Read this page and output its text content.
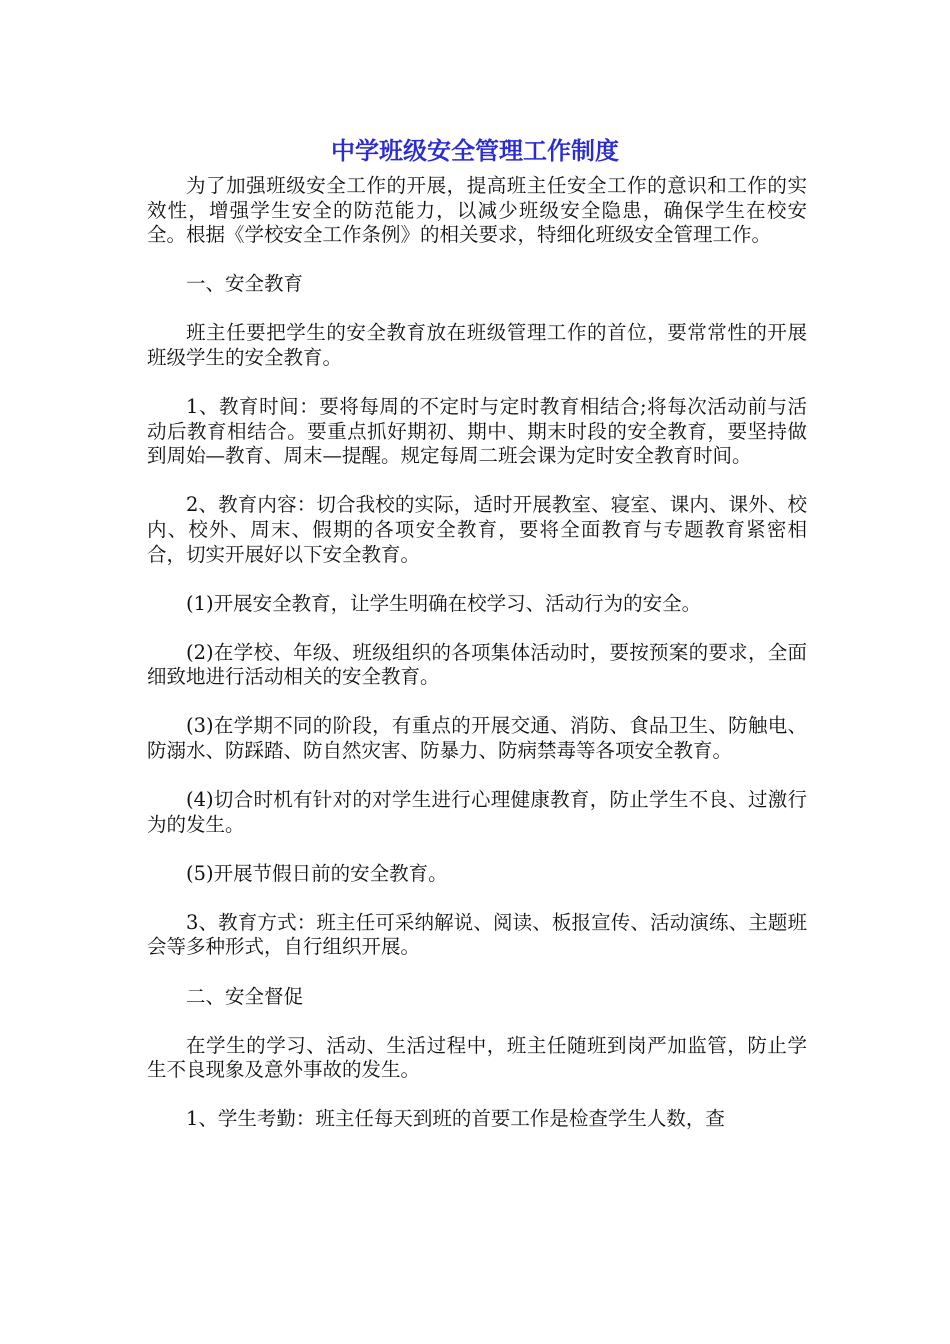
中学班级安全管理工作制度

为了加强班级安全工作的开展，提高班主任安全工作的意识和工作的实效性，增强学生安全的防范能力，以减少班级安全隐患，确保学生在校安全。根据《学校安全工作条例》的相关要求，特细化班级安全管理工作。

一、安全教育

班主任要把学生的安全教育放在班级管理工作的首位，要常常性的开展班级学生的安全教育。

1、教育时间：要将每周的不定时与定时教育相结合;将每次活动前与活动后教育相结合。要重点抓好期初、期中、期末时段的安全教育，要坚持做到周始—教育、周末—提醒。规定每周二班会课为定时安全教育时间。

2、教育内容：切合我校的实际，适时开展教室、寝室、课内、课外、校内、校外、周末、假期的各项安全教育，要将全面教育与专题教育紧密相合，切实开展好以下安全教育。

(1)开展安全教育，让学生明确在校学习、活动行为的安全。

(2)在学校、年级、班级组织的各项集体活动时，要按预案的要求，全面细致地进行活动相关的安全教育。

(3)在学期不同的阶段，有重点的开展交通、消防、食品卫生、防触电、防溺水、防踩踏、防自然灾害、防暴力、防病禁毒等各项安全教育。

(4)切合时机有针对的对学生进行心理健康教育，防止学生不良、过激行为的发生。

(5)开展节假日前的安全教育。

3、教育方式：班主任可采纳解说、阅读、板报宣传、活动演练、主题班会等多种形式，自行组织开展。

二、安全督促

在学生的学习、活动、生活过程中，班主任随班到岗严加监管，防止学生不良现象及意外事故的发生。

1、学生考勤：班主任每天到班的首要工作是检查学生人数，查
